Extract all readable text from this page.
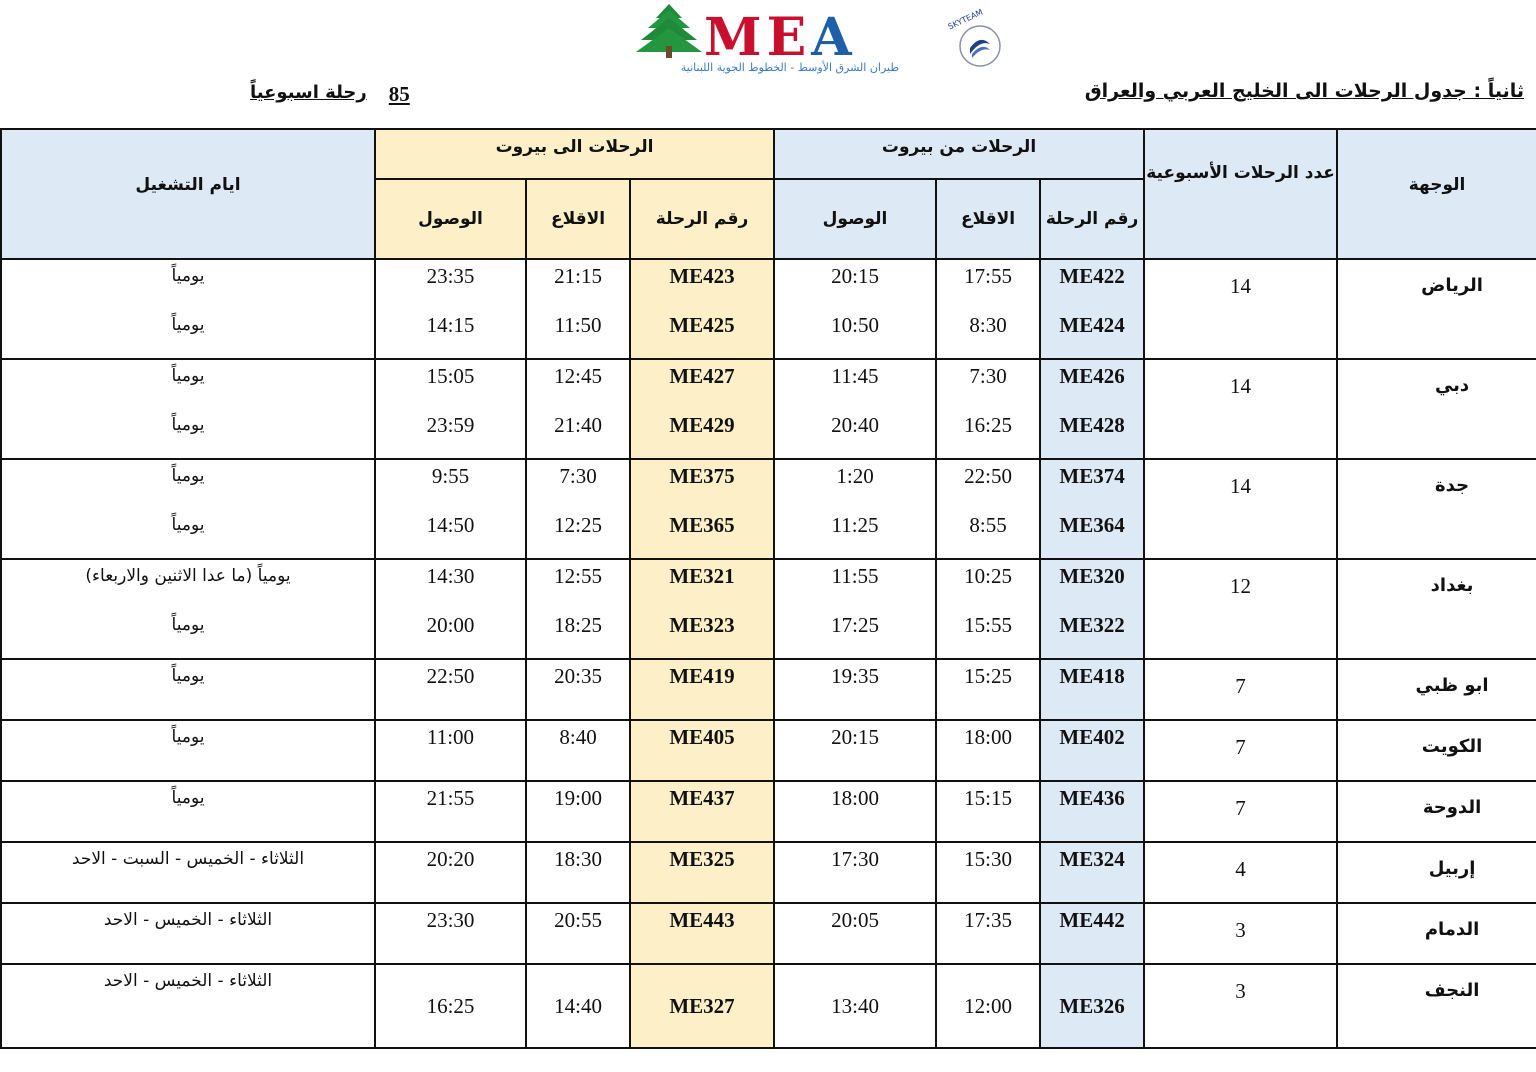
MEA
طيران الشرق الأوسط - الخطوط الجوية اللبنانية
SKYTEAM
ثانياً : جدول الرحلات الى الخليج العربي والعراق
85
رحلة اسبوعياً
الوجهة	عدد الرحلات الأسبوعية	الرحلات من بيروت			الرحلات الى بيروت			ايام التشغيل
		رقم الرحلة	الاقلاع	الوصول	رقم الرحلة	الاقلاع	الوصول	
الرياض	14	ME422	17:55	20:15	ME423	21:15	23:35	يومياً
		ME424	8:30	10:50	ME425	11:50	14:15	يومياً
دبي	14	ME426	7:30	11:45	ME427	12:45	15:05	يومياً
		ME428	16:25	20:40	ME429	21:40	23:59	يومياً
جدة	14	ME374	22:50	1:20	ME375	7:30	9:55	يومياً
		ME364	8:55	11:25	ME365	12:25	14:50	يومياً
بغداد	12	ME320	10:25	11:55	ME321	12:55	14:30	يومياً (ما عدا الاثنين والاربعاء)
		ME322	15:55	17:25	ME323	18:25	20:00	يومياً
ابو ظبي	7	ME418	15:25	19:35	ME419	20:35	22:50	يومياً
الكويت	7	ME402	18:00	20:15	ME405	8:40	11:00	يومياً
الدوحة	7	ME436	15:15	18:00	ME437	19:00	21:55	يومياً
إربيل	4	ME324	15:30	17:30	ME325	18:30	20:20	الثلاثاء - الخميس - السبت - الاحد
الدمام	3	ME442	17:35	20:05	ME443	20:55	23:30	الثلاثاء - الخميس - الاحد
النجف	3	ME326	12:00	13:40	ME327	14:40	16:25	الثلاثاء - الخميس - الاحد
